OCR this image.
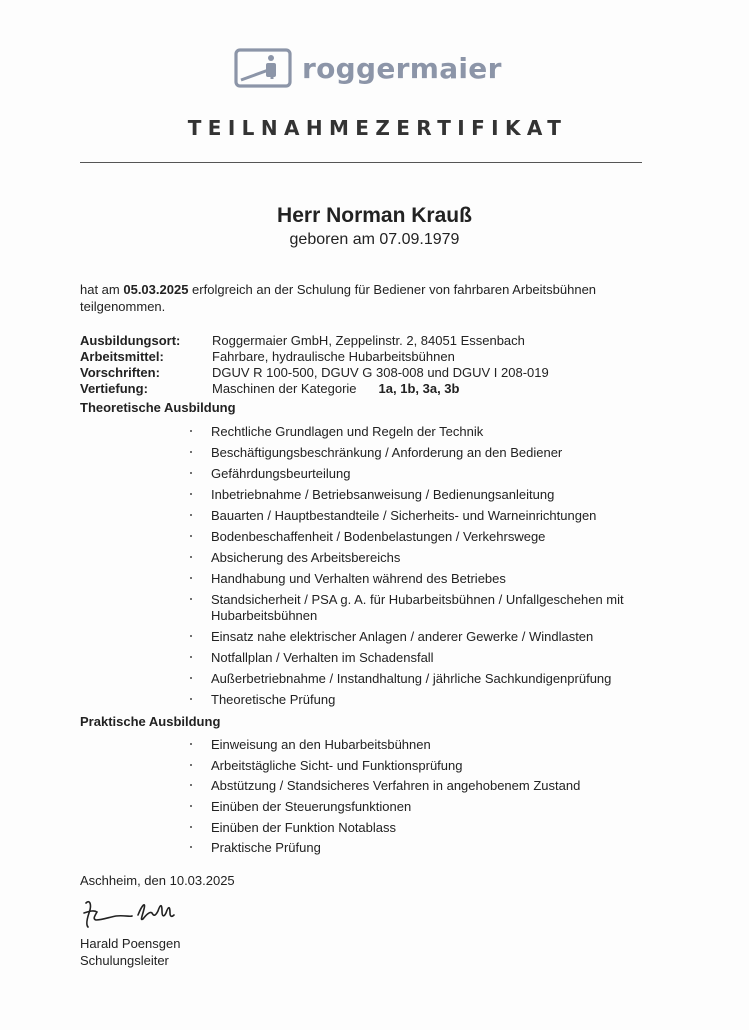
roggermaier
TEILNAHMEZERTIFIKAT
Herr Norman Krauß
geboren am 07.09.1979
hat am 05.03.2025 erfolgreich an der Schulung für Bediener von fahrbaren Arbeitsbühnen teilgenommen.
Ausbildungsort: Roggermaier GmbH, Zeppelinstr. 2, 84051 Essenbach
Arbeitsmittel:	Fahrbare, hydraulische Hubarbeitsbühnen
Vorschriften:	DGUV R 100-500, DGUV G 308-008 und DGUV I 208-019
Vertiefung:	Maschinen der Kategorie 1a, 1b, 3a, 3b
Theoretische Ausbildung
Rechtliche Grundlagen und Regeln der Technik
Beschäftigungsbeschränkung / Anforderung an den Bediener
Gefährdungsbeurteilung
Inbetriebnahme / Betriebsanweisung / Bedienungsanleitung
Bauarten / Hauptbestandteile / Sicherheits- und Warneinrichtungen
Bodenbeschaffenheit / Bodenbelastungen / Verkehrswege
Absicherung des Arbeitsbereichs
Handhabung und Verhalten während des Betriebes
Standsicherheit / PSA g. A. für Hubarbeitsbühnen / Unfallgeschehen mit Hubarbeitsbühnen
Einsatz nahe elektrischer Anlagen / anderer Gewerke / Windlasten
Notfallplan / Verhalten im Schadensfall
Außerbetriebnahme / Instandhaltung / jährliche Sachkundigenprüfung
Theoretische Prüfung
Praktische Ausbildung
Einweisung an den Hubarbeitsbühnen
Arbeitstägliche Sicht- und Funktionsprüfung
Abstützung / Standsicheres Verfahren in angehobenem Zustand
Einüben der Steuerungsfunktionen
Einüben der Funktion Notablass
Praktische Prüfung
Aschheim, den 10.03.2025
Harald Poensgen
Schulungsleiter
